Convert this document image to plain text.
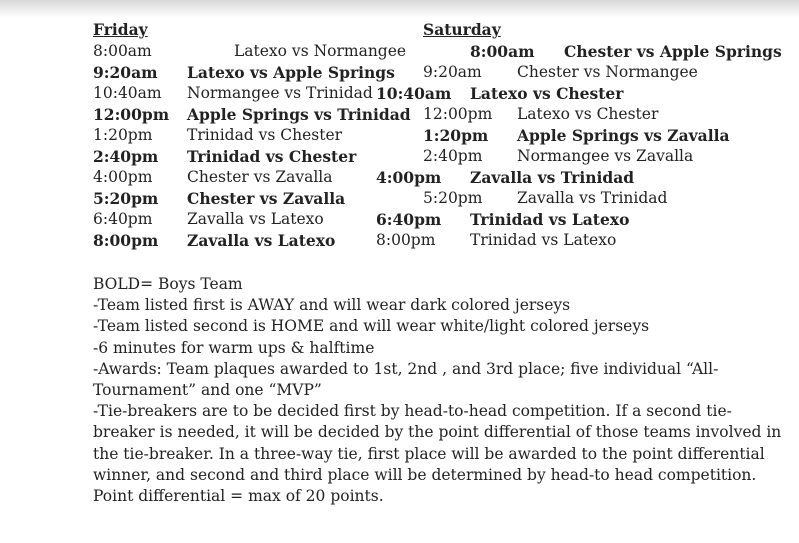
Friday	Saturday
8:00am	Latexo vs Normangee	8:00am Chester vs Apple Springs
9:20am Latexo vs Apple Springs 9:20am Chester vs Normangee
10:40am Normangee vs Trinidad 10:40am Latexo vs Chester
12:00pm Apple Springs vs Trinidad 12:00pm Latexo vs Chester
1:20pm Trinidad vs Chester	1:20pm Apple Springs vs Zavalla
2:40pm Trinidad vs Chester	2:40pm Normangee vs Zavalla
4:00pm Chester vs Zavalla	4:00pm Zavalla vs Trinidad
5:20pm Chester vs Zavalla	5:20pm Zavalla vs Trinidad
6:40pm Zavalla vs Latexo	6:40pm Trinidad vs Latexo
8:00pm Zavalla vs Latexo	8:00pm Trinidad vs Latexo

BOLD= Boys Team

-Team listed first is AWAY and will wear dark colored jerseys

-Team listed second is HOME and will wear white/light colored jerseys

-6 minutes for warm ups & halftime

-Awards: Team plaques awarded to 1st, 2nd , and 3rd place; five individual “All-Tournament” and one “MVP”

-Tie-breakers are to be decided first by head-to-head competition. If a second tie-breaker is needed, it will be decided by the point differential of those teams involved in the tie-breaker. In a three-way tie, first place will be awarded to the point differential winner, and second and third place will be determined by head-to head competition. Point differential = max of 20 points.
